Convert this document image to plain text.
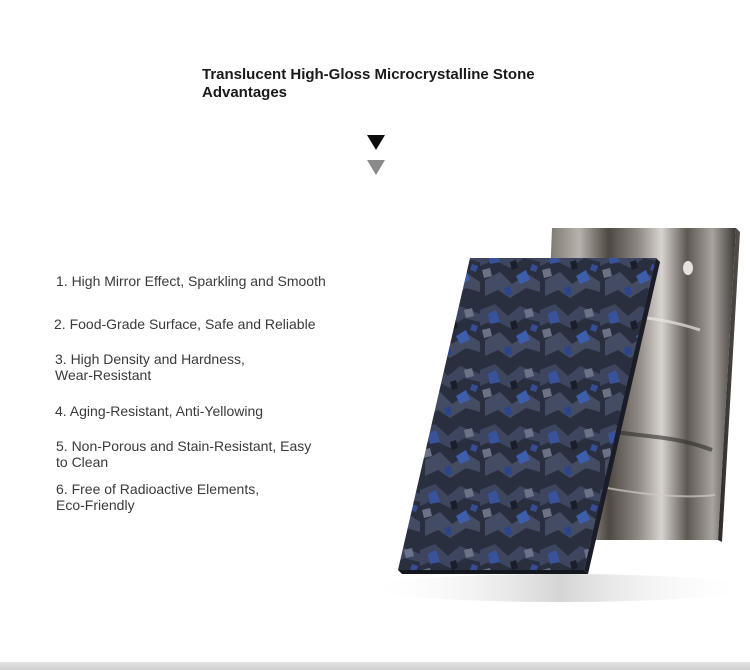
Translucent High-Gloss Microcrystalline Stone Advantages
1. High Mirror Effect, Sparkling and Smooth
2. Food-Grade Surface, Safe and Reliable
3. High Density and Hardness, Wear-Resistant
4. Aging-Resistant, Anti-Yellowing
5. Non-Porous and Stain-Resistant, Easy to Clean
6. Free of Radioactive Elements, Eco-Friendly
